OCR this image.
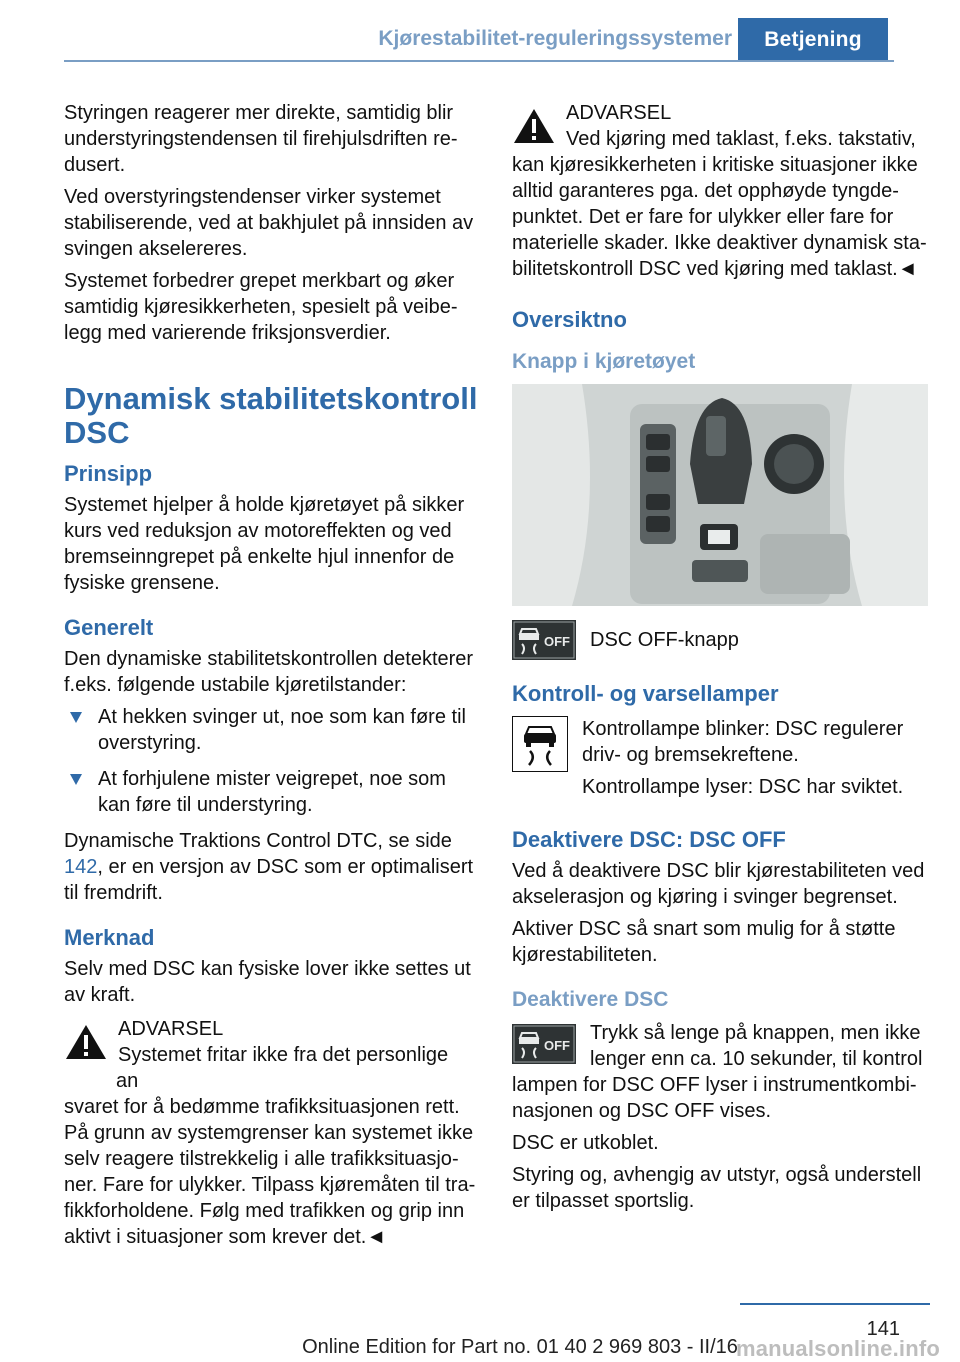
Kjørestabilitet-reguleringssystemer	Betjening

Styringen reagerer mer direkte, samtidig blir understyringstendensen til firehjulsdriften redusert.

Ved overstyringstendenser virker systemet stabiliserende, ved at bakhjulet på innsiden av svingen akselereres.

Systemet forbedrer grepet merkbart og øker samtidig kjøresikkerheten, spesielt på veibelegg med varierende friksjonsverdier.

Dynamisk stabilitetskontroll DSC
Prinsipp

Systemet hjelper å holde kjøretøyet på sikker kurs ved reduksjon av motoreffekten og ved bremseinngrepet på enkelte hjul innenfor de fysiske grensene.

Generelt

Den dynamiske stabilitetskontrollen detekterer f.eks. følgende ustabile kjøretilstander:

At hekken svinger ut, noe som kan føre til overstyring.
At forhjulene mister veigrepet, noe som kan føre til understyring.

Dynamische Traktions Control DTC, se side 142, er en versjon av DSC som er optimalisert til fremdrift.

Merknad

Selv med DSC kan fysiske lover ikke settes ut av kraft.

ADVARSEL
Systemet fritar ikke fra det personlige an
svaret for å bedømme trafikksituasjonen rett. På grunn av systemgrenser kan systemet ikke selv reagere tilstrekkelig i alle trafikksituasjoner. Fare for ulykker. Tilpass kjøremåten til trafikkforholdene. Følg med trafikken og grip inn aktivt i situasjoner som krever det.◄
ADVARSEL
Ved kjøring med taklast, f.eks. takstativ,
kan kjøresikkerheten i kritiske situasjoner ikke alltid garanteres pga. det opphøyde tyngdepunktet. Det er fare for ulykker eller fare for materielle skader. Ikke deaktiver dynamisk stabilitetskontroll DSC ved kjøring med taklast.◄
Oversiktno
Knapp i kjøretøyet
OFF DSC OFF-knapp
Kontroll- og varsellamper

Kontrollampe blinker: DSC regulerer driv- og bremsekreftene.

Kontrollampe lyser: DSC har sviktet.

Deaktivere DSC: DSC OFF

Ved å deaktivere DSC blir kjørestabiliteten ved akselerasjon og kjøring i svinger begrenset.

Aktiver DSC så snart som mulig for å støtte kjørestabiliteten.

Deaktivere DSC
OFF
Trykk så lenge på knappen, men ikke lenger enn ca. 10 sekunder, til kontrol
lampen for DSC OFF lyser i instrumentkombinasjonen og DSC OFF vises.

DSC er utkoblet.

Styring og, avhengig av utstyr, også understell er tilpasset sportslig.

141
Online Edition for Part no. 01 40 2 969 803 - II/16
manualsonline.info
